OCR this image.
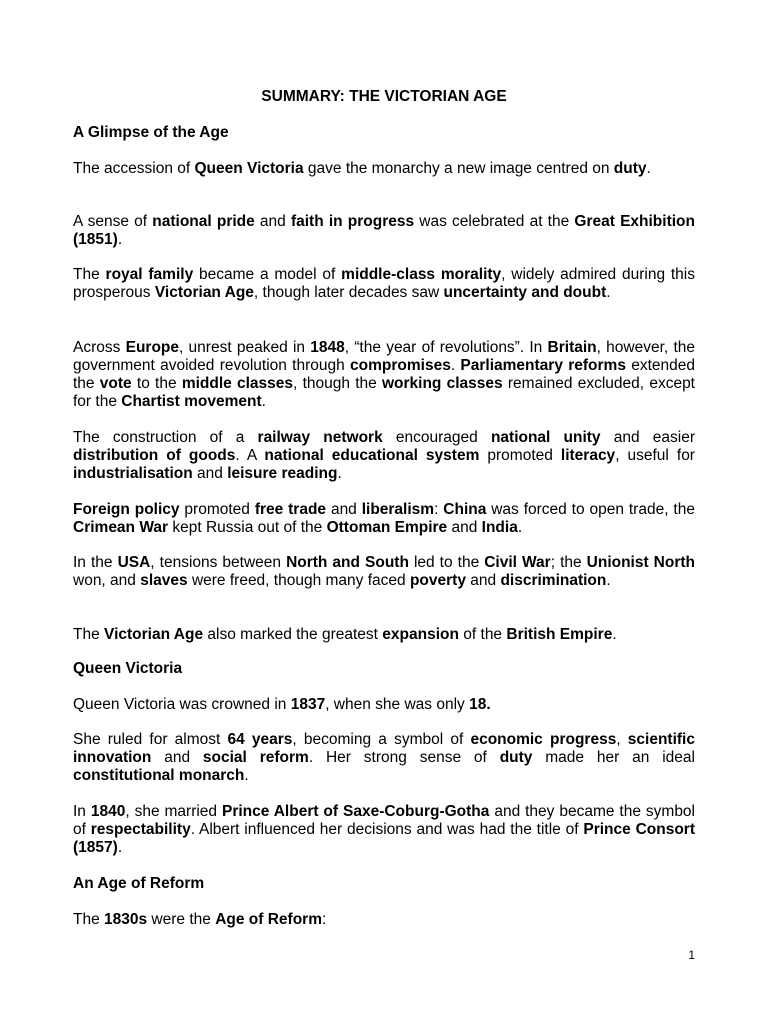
SUMMARY: THE VICTORIAN AGE
A Glimpse of the Age
The accession of Queen Victoria gave the monarchy a new image centred on duty.
A sense of national pride and faith in progress was celebrated at the Great Exhibition (1851).
The royal family became a model of middle-class morality, widely admired during this prosperous Victorian Age, though later decades saw uncertainty and doubt.
Across Europe, unrest peaked in 1848, “the year of revolutions”. In Britain, however, the government avoided revolution through compromises. Parliamentary reforms extended the vote to the middle classes, though the working classes remained excluded, except for the Chartist movement.
The construction of a railway network encouraged national unity and easier distribution of goods. A national educational system promoted literacy, useful for industrialisation and leisure reading.
Foreign policy promoted free trade and liberalism: China was forced to open trade, the Crimean War kept Russia out of the Ottoman Empire and India.
In the USA, tensions between North and South led to the Civil War; the Unionist North won, and slaves were freed, though many faced poverty and discrimination.
The Victorian Age also marked the greatest expansion of the British Empire.
Queen Victoria
Queen Victoria was crowned in 1837, when she was only 18.
She ruled for almost 64 years, becoming a symbol of economic progress, scientific innovation and social reform. Her strong sense of duty made her an ideal constitutional monarch.
In 1840, she married Prince Albert of Saxe-Coburg-Gotha and they became the symbol of respectability. Albert influenced her decisions and was had the title of Prince Consort (1857).
An Age of Reform
The 1830s were the Age of Reform:
1
